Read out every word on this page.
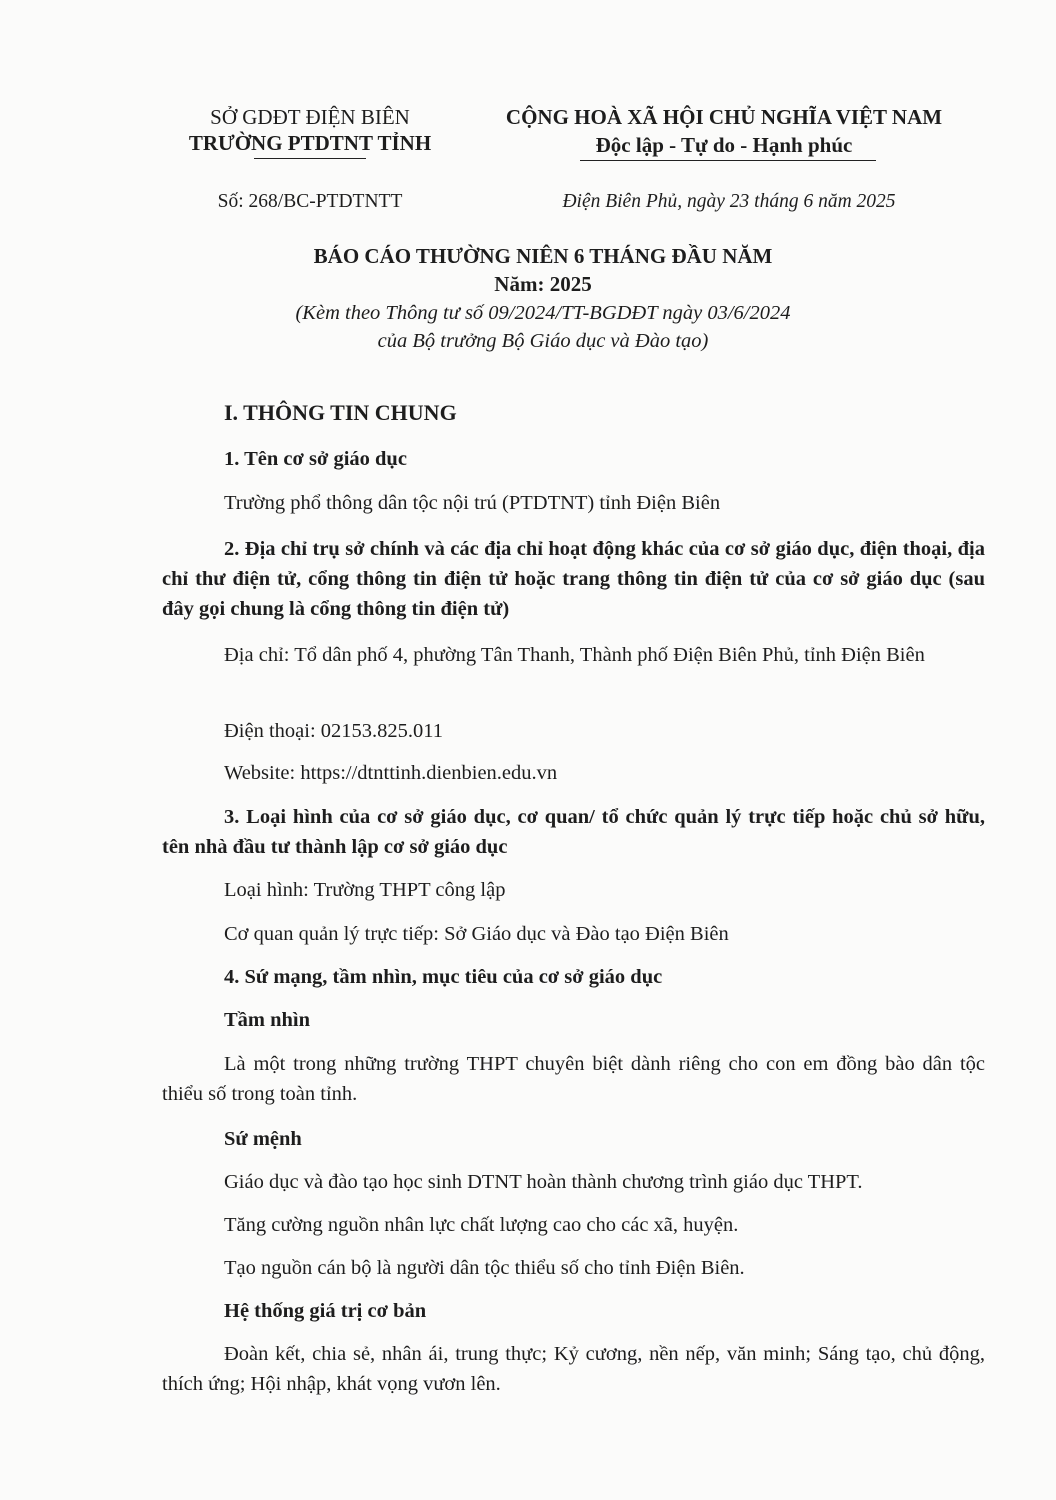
SỞ GDĐT ĐIỆN BIÊN
TRƯỜNG PTDTNT TỈNH
CỘNG HOÀ XÃ HỘI CHỦ NGHĨA VIỆT NAM
Độc lập - Tự do - Hạnh phúc
Số: 268/BC-PTDTNTT	Điện Biên Phủ, ngày 23 tháng 6 năm 2025
BÁO CÁO THƯỜNG NIÊN 6 THÁNG ĐẦU NĂM
Năm: 2025
(Kèm theo Thông tư số 09/2024/TT-BGDĐT ngày 03/6/2024
của Bộ trưởng Bộ Giáo dục và Đào tạo)
I. THÔNG TIN CHUNG
1. Tên cơ sở giáo dục
Trường phổ thông dân tộc nội trú (PTDTNT) tỉnh Điện Biên
2. Địa chỉ trụ sở chính và các địa chỉ hoạt động khác của cơ sở giáo dục, điện thoại, địa chỉ thư điện tử, cổng thông tin điện tử hoặc trang thông tin điện tử của cơ sở giáo dục (sau đây gọi chung là cổng thông tin điện tử)
Địa chỉ: Tổ dân phố 4, phường Tân Thanh, Thành phố Điện Biên Phủ, tỉnh Điện Biên
Điện thoại: 02153.825.011
Website: https://dtnttinh.dienbien.edu.vn
3. Loại hình của cơ sở giáo dục, cơ quan/ tổ chức quản lý trực tiếp hoặc chủ sở hữu, tên nhà đầu tư thành lập cơ sở giáo dục
Loại hình: Trường THPT công lập
Cơ quan quản lý trực tiếp: Sở Giáo dục và Đào tạo Điện Biên
4. Sứ mạng, tầm nhìn, mục tiêu của cơ sở giáo dục
Tầm nhìn
Là một trong những trường THPT chuyên biệt dành riêng cho con em đồng bào dân tộc thiểu số trong toàn tỉnh.
Sứ mệnh
Giáo dục và đào tạo học sinh DTNT hoàn thành chương trình giáo dục THPT.
Tăng cường nguồn nhân lực chất lượng cao cho các xã, huyện.
Tạo nguồn cán bộ là người dân tộc thiểu số cho tỉnh Điện Biên.
Hệ thống giá trị cơ bản
Đoàn kết, chia sẻ, nhân ái, trung thực; Kỷ cương, nền nếp, văn minh; Sáng tạo, chủ động, thích ứng; Hội nhập, khát vọng vươn lên.
